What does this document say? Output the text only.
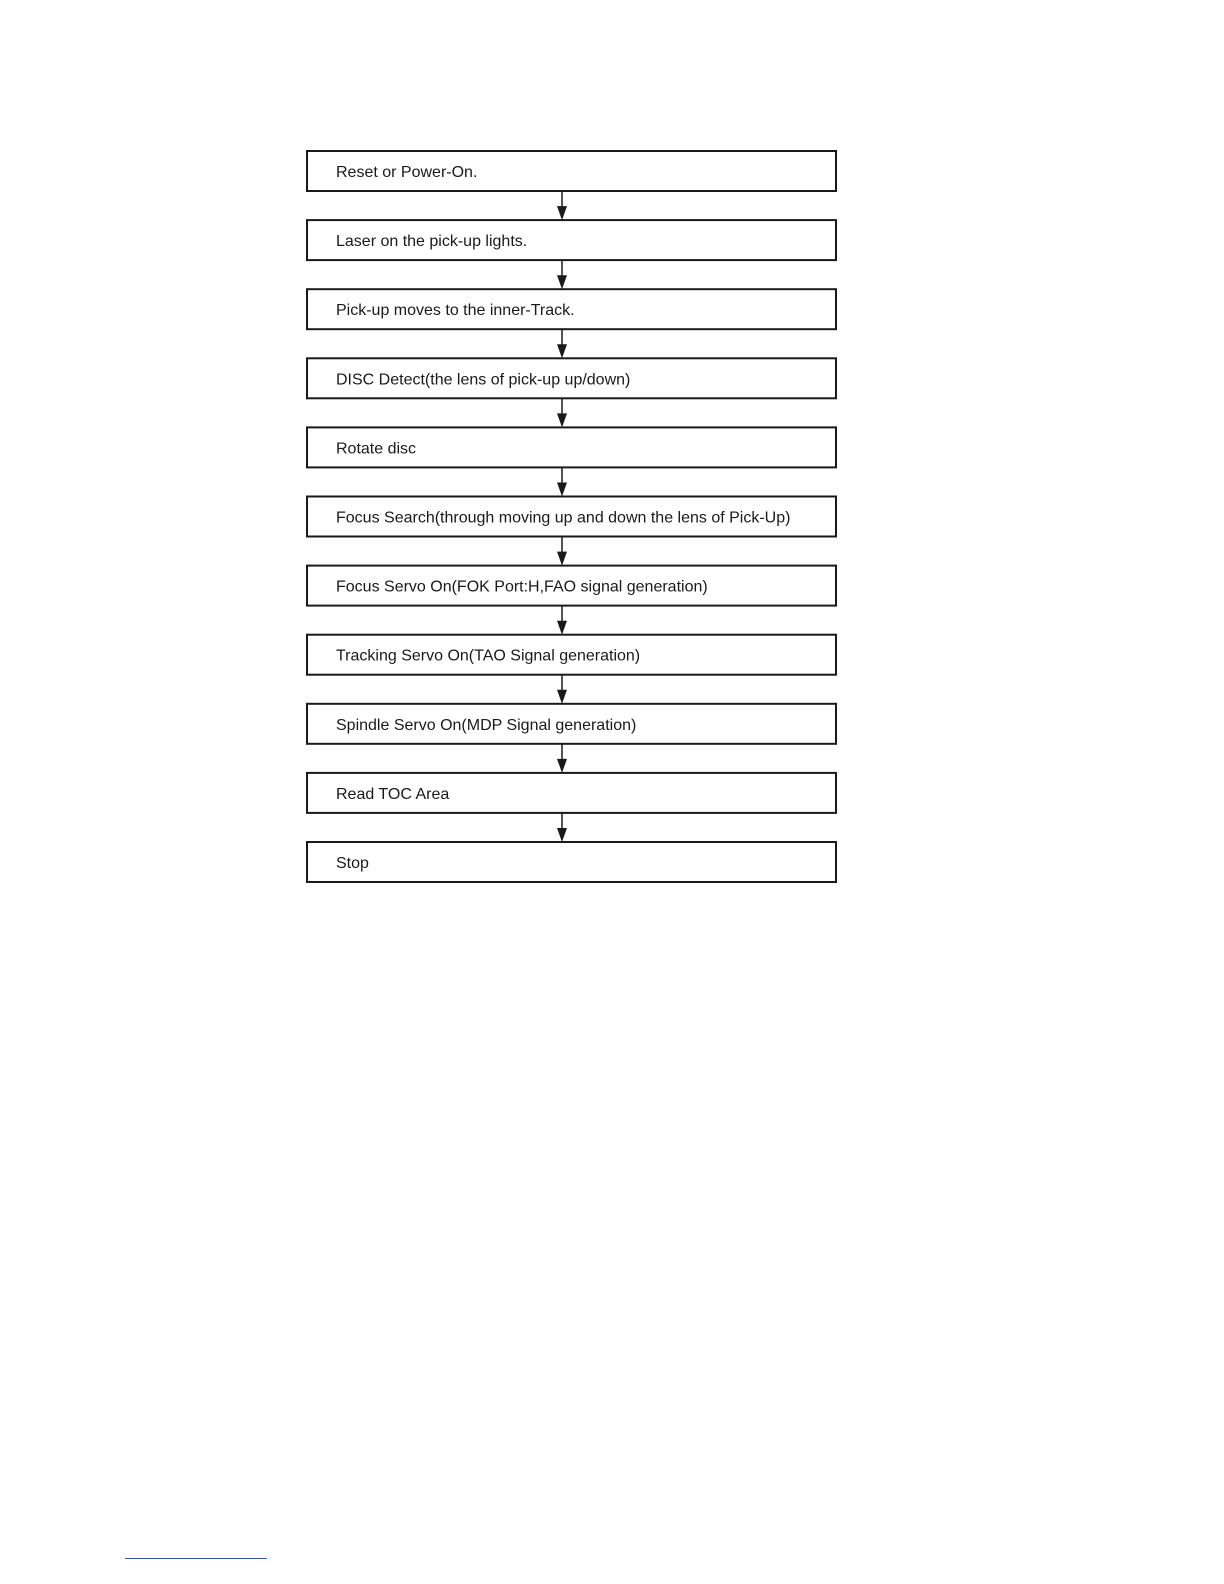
Reset or Power-On.
Laser on the pick-up lights.
Pick-up moves to the inner-Track.
DISC Detect(the lens of pick-up up/down)
Rotate disc
Focus Search(through moving up and down the lens of Pick-Up)
Focus Servo On(FOK Port:H,FAO signal generation)
Tracking Servo On(TAO Signal generation)
Spindle Servo On(MDP Signal generation)
Read TOC Area
Stop
